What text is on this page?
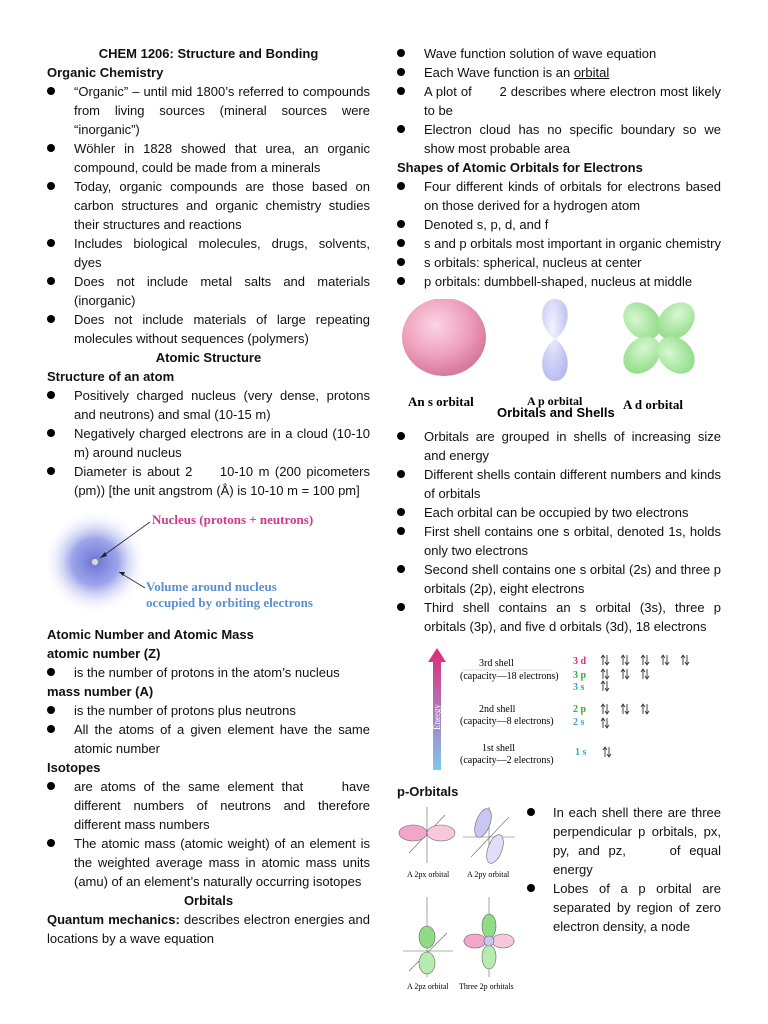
CHEM 1206: Structure and Bonding
Organic Chemistry
“Organic” – until mid 1800’s referred to compounds from living sources (mineral sources were “inorganic”)
Wöhler in 1828 showed that urea, an organic compound, could be made from a minerals
Today, organic compounds are those based on carbon structures and organic chemistry studies their structures and reactions
Includes biological molecules, drugs, solvents, dyes
Does not include metal salts and materials (inorganic)
Does not include materials of large repeating molecules without sequences (polymers)
Atomic Structure
Structure of an atom
Positively charged nucleus (very dense, protons and neutrons) and smal (10-15 m)
Negatively charged electrons are in a cloud (10-10 m) around nucleus
Diameter is about 2     10-10 m (200 picometers (pm)) [the unit angstrom (Å) is 10-10 m = 100 pm]
Nucleus (protons + neutrons)
Volume around nucleus
occupied by orbiting electrons
Atomic Number and Atomic Mass
atomic number (Z)
is the number of protons in the atom’s nucleus
mass number (A)
is the number of protons plus neutrons
All the atoms of a given element have the same atomic number
Isotopes
are atoms of the same element that     have different numbers of neutrons and therefore different mass numbers
The atomic mass (atomic weight) of an element is the weighted average mass in atomic mass units (amu) of an element’s naturally occurring isotopes
Orbitals
Quantum mechanics: describes electron energies and locations by a wave equation
Wave function solution of wave equation
Each Wave function is an orbital
A plot of       2 describes where electron most likely to be
Electron cloud has no specific boundary so we show most probable area
Shapes of Atomic Orbitals for Electrons
Four different kinds of orbitals for electrons based on those derived for a hydrogen atom
Denoted s, p, d, and f
s and p orbitals most important in organic chemistry
s orbitals: spherical, nucleus at center
p orbitals: dumbbell-shaped, nucleus at middle
An s orbital	A p orbital	A d orbital
Orbitals and Shells
Orbitals are grouped in shells of increasing size and energy
Different shells contain different numbers and kinds of orbitals
Each orbital can be occupied by two electrons
First shell contains one s orbital, denoted 1s, holds only two electrons
Second shell contains one s orbital (2s) and three p orbitals (2p), eight electrons
Third shell contains an s orbital (3s), three p orbitals (3p), and five d orbitals (3d), 18 electrons
Energy
3rd shell
(capacity—18 electrons)
2nd shell
(capacity—8 electrons)
1st shell
(capacity—2 electrons)
3 d
3 p
3 s
2 p
2 s
1 s
p-Orbitals
A 2px orbital A 2py orbital
A 2pz orbital Three 2p orbitals
In each shell there are three perpendicular p orbitals, px, py, and pz,     of equal energy
Lobes of a p orbital are separated by region of zero electron density, a node
